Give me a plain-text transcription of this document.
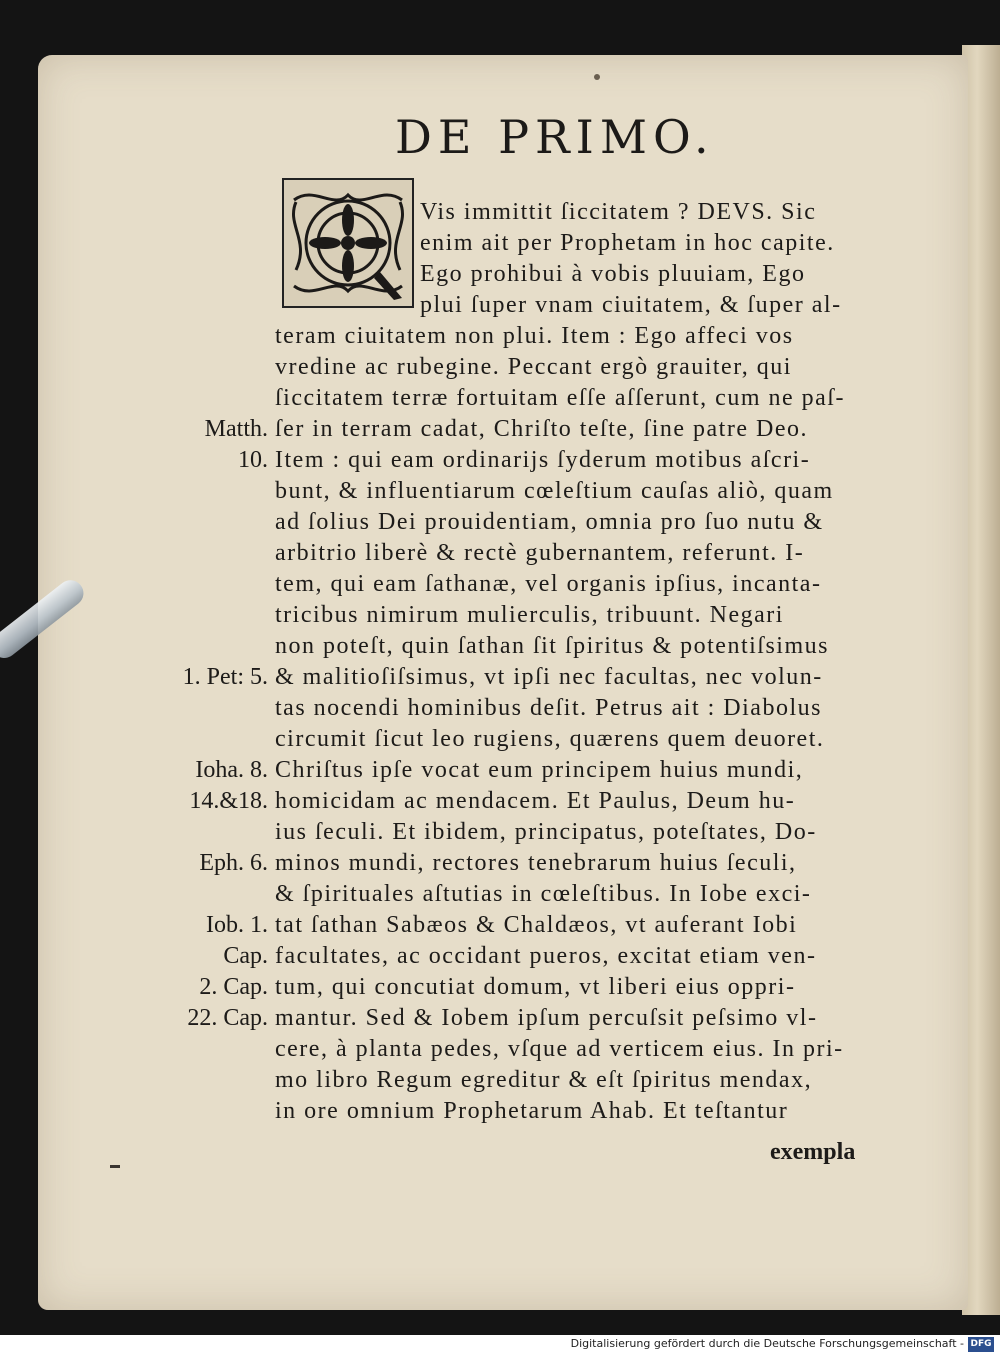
DE PRIMO.

Vis immittit ſiccitatem ? DEVS. Sic

enim ait per Prophetam in hoc capite.

Ego prohibui à vobis pluuiam, Ego

plui ſuper vnam ciuitatem, & ſuper al-

teram ciuitatem non plui. Item : Ego affeci vos

vredine ac rubegine. Peccant ergò grauiter, qui

ſiccitatem terræ fortuitam eſſe aſſerunt, cum ne paſ-

ſer in terram cadat, Chriſto teſte, ſine patre Deo.

Item : qui eam ordinarijs ſyderum motibus aſcri-

bunt, & influentiarum cœleſtium cauſas aliò, quam

ad ſolius Dei prouidentiam, omnia pro ſuo nutu &

arbitrio liberè & rectè gubernantem, referunt. I-

tem, qui eam ſathanæ, vel organis ipſius, incanta-

tricibus nimirum mulierculis, tribuunt. Negari

non poteſt, quin ſathan ſit ſpiritus & potentiſsimus

& malitioſiſsimus, vt ipſi nec facultas, nec volun-

tas nocendi hominibus deſit. Petrus ait : Diabolus

circumit ſicut leo rugiens, quærens quem deuoret.

Chriſtus ipſe vocat eum principem huius mundi,

homicidam ac mendacem. Et Paulus, Deum hu-

ius ſeculi. Et ibidem, principatus, poteſtates, Do-

minos mundi, rectores tenebrarum huius ſeculi,

& ſpirituales aſtutias in cœleſtibus. In Iobe exci-

tat ſathan Sabæos & Chaldæos, vt auferant Iobi

facultates, ac occidant pueros, excitat etiam ven-

tum, qui concutiat domum, vt liberi eius oppri-

mantur. Sed & Iobem ipſum percuſsit peſsimo vl-

cere, à planta pedes, vſque ad verticem eius. In pri-

mo libro Regum egreditur & eſt ſpiritus mendax,

in ore omnium Prophetarum Ahab. Et teſtantur

Matth.
10.
1. Pet: 5.
Ioha. 8.
14.&18.
Eph. 6.
Iob. 1.
Cap.
2. Cap.
22. Cap.

exempla

Digitalisierung gefördert durch die Deutsche Forschungsgemeinschaft - DFG
